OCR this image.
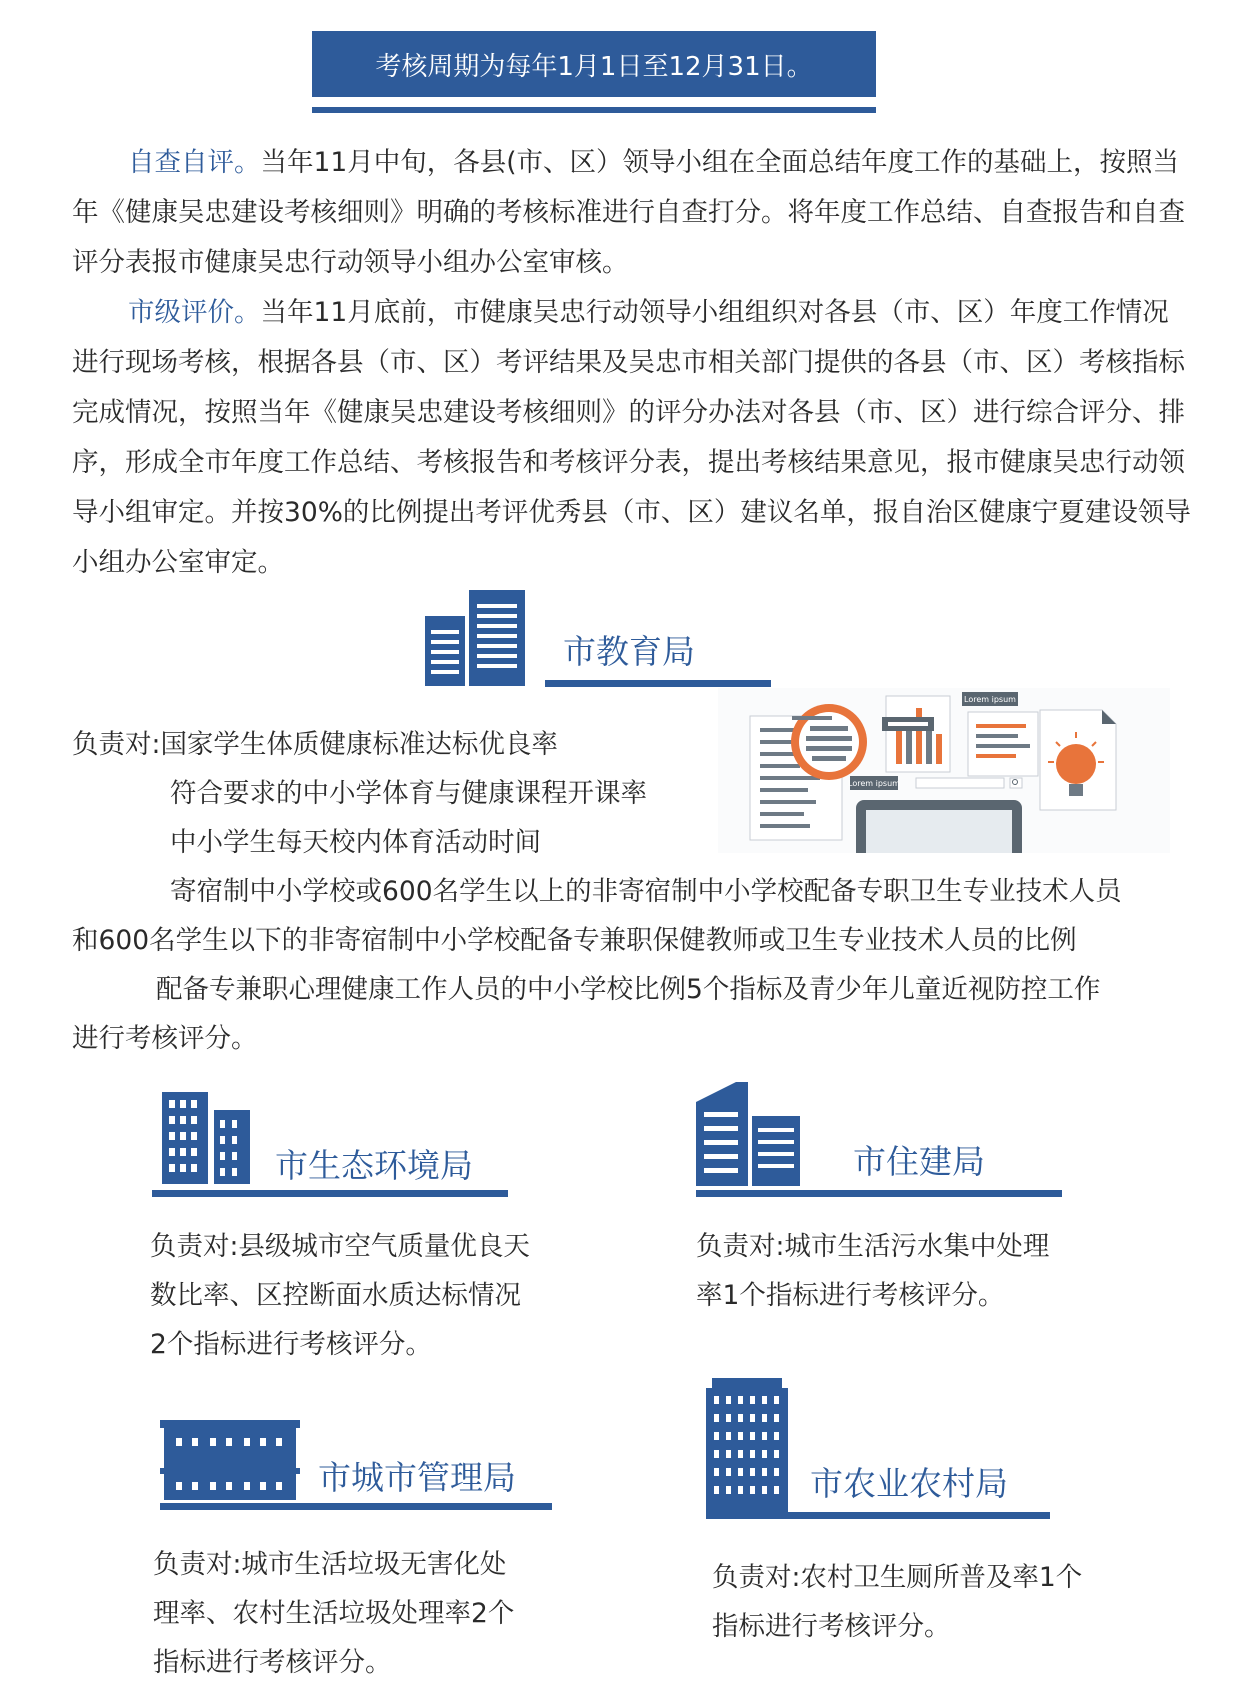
考核周期为每年1月1日至12月31日。
自查自评。当年11月中旬，各县(市、区）领导小组在全面总结年度工作的基础上，按照当年《健康吴忠建设考核细则》明确的考核标准进行自查打分。将年度工作总结、自查报告和自查评分表报市健康吴忠行动领导小组办公室审核。
市级评价。当年11月底前，市健康吴忠行动领导小组组织对各县（市、区）年度工作情况进行现场考核，根据各县（市、区）考评结果及吴忠市相关部门提供的各县（市、区）考核指标完成情况，按照当年《健康吴忠建设考核细则》的评分办法对各县（市、区）进行综合评分、排序，形成全市年度工作总结、考核报告和考核评分表，提出考核结果意见，报市健康吴忠行动领导小组审定。并按30%的比例提出考评优秀县（市、区）建议名单，报自治区健康宁夏建设领导小组办公室审定。
市教育局
Lorem ipsum
Lorem ipsum
负责对:国家学生体质健康标准达标优良率
符合要求的中小学体育与健康课程开课率
中小学生每天校内体育活动时间
寄宿制中小学校或600名学生以上的非寄宿制中小学校配备专职卫生专业技术人员
和600名学生以下的非寄宿制中小学校配备专兼职保健教师或卫生专业技术人员的比例
配备专兼职心理健康工作人员的中小学校比例5个指标及青少年儿童近视防控工作
进行考核评分。
市生态环境局
负责对:县级城市空气质量优良天
数比率、区控断面水质达标情况
2个指标进行考核评分。
市住建局
负责对:城市生活污水集中处理
率1个指标进行考核评分。
市城市管理局
负责对:城市生活垃圾无害化处
理率、农村生活垃圾处理率2个
指标进行考核评分。
市农业农村局
负责对:农村卫生厕所普及率1个
指标进行考核评分。
